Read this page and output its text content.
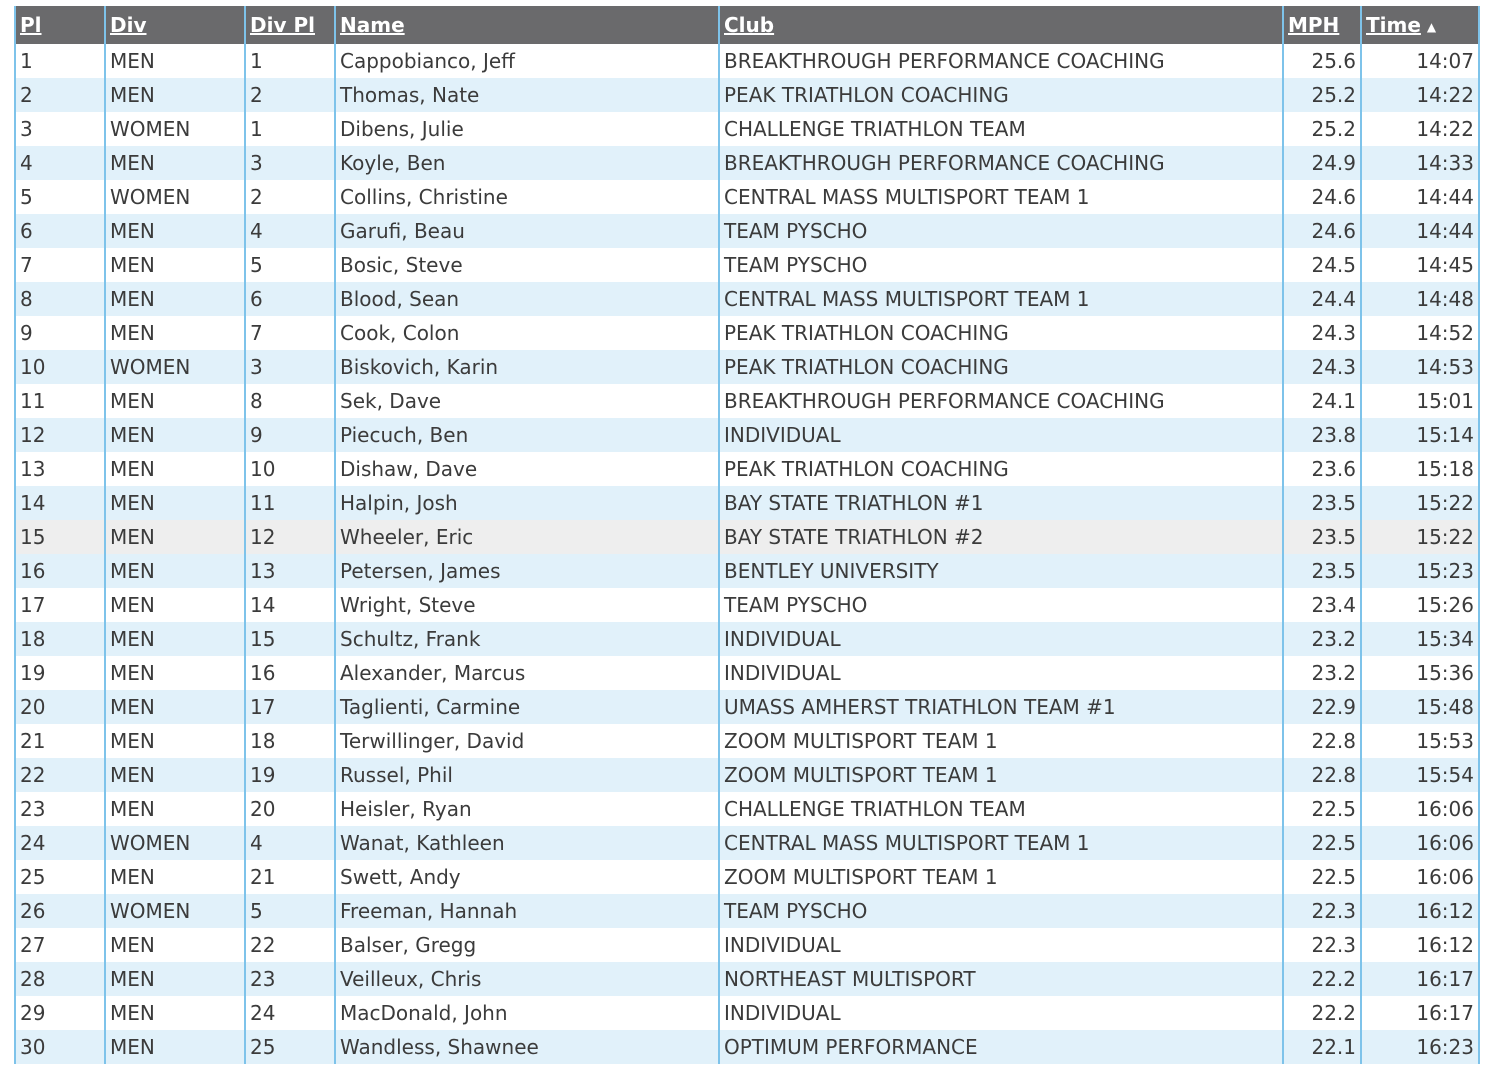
Pl	Div	Div Pl	Name	Club	MPH	Time ▲
1	MEN	1	Cappobianco, Jeff	BREAKTHROUGH PERFORMANCE COACHING	25.6	14:07
2	MEN	2	Thomas, Nate	PEAK TRIATHLON COACHING	25.2	14:22
3	WOMEN	1	Dibens, Julie	CHALLENGE TRIATHLON TEAM	25.2	14:22
4	MEN	3	Koyle, Ben	BREAKTHROUGH PERFORMANCE COACHING	24.9	14:33
5	WOMEN	2	Collins, Christine	CENTRAL MASS MULTISPORT TEAM 1	24.6	14:44
6	MEN	4	Garufi, Beau	TEAM PYSCHO	24.6	14:44
7	MEN	5	Bosic, Steve	TEAM PYSCHO	24.5	14:45
8	MEN	6	Blood, Sean	CENTRAL MASS MULTISPORT TEAM 1	24.4	14:48
9	MEN	7	Cook, Colon	PEAK TRIATHLON COACHING	24.3	14:52
10	WOMEN	3	Biskovich, Karin	PEAK TRIATHLON COACHING	24.3	14:53
11	MEN	8	Sek, Dave	BREAKTHROUGH PERFORMANCE COACHING	24.1	15:01
12	MEN	9	Piecuch, Ben	INDIVIDUAL	23.8	15:14
13	MEN	10	Dishaw, Dave	PEAK TRIATHLON COACHING	23.6	15:18
14	MEN	11	Halpin, Josh	BAY STATE TRIATHLON #1	23.5	15:22
15	MEN	12	Wheeler, Eric	BAY STATE TRIATHLON #2	23.5	15:22
16	MEN	13	Petersen, James	BENTLEY UNIVERSITY	23.5	15:23
17	MEN	14	Wright, Steve	TEAM PYSCHO	23.4	15:26
18	MEN	15	Schultz, Frank	INDIVIDUAL	23.2	15:34
19	MEN	16	Alexander, Marcus	INDIVIDUAL	23.2	15:36
20	MEN	17	Taglienti, Carmine	UMASS AMHERST TRIATHLON TEAM #1	22.9	15:48
21	MEN	18	Terwillinger, David	ZOOM MULTISPORT TEAM 1	22.8	15:53
22	MEN	19	Russel, Phil	ZOOM MULTISPORT TEAM 1	22.8	15:54
23	MEN	20	Heisler, Ryan	CHALLENGE TRIATHLON TEAM	22.5	16:06
24	WOMEN	4	Wanat, Kathleen	CENTRAL MASS MULTISPORT TEAM 1	22.5	16:06
25	MEN	21	Swett, Andy	ZOOM MULTISPORT TEAM 1	22.5	16:06
26	WOMEN	5	Freeman, Hannah	TEAM PYSCHO	22.3	16:12
27	MEN	22	Balser, Gregg	INDIVIDUAL	22.3	16:12
28	MEN	23	Veilleux, Chris	NORTHEAST MULTISPORT	22.2	16:17
29	MEN	24	MacDonald, John	INDIVIDUAL	22.2	16:17
30	MEN	25	Wandless, Shawnee	OPTIMUM PERFORMANCE	22.1	16:23
